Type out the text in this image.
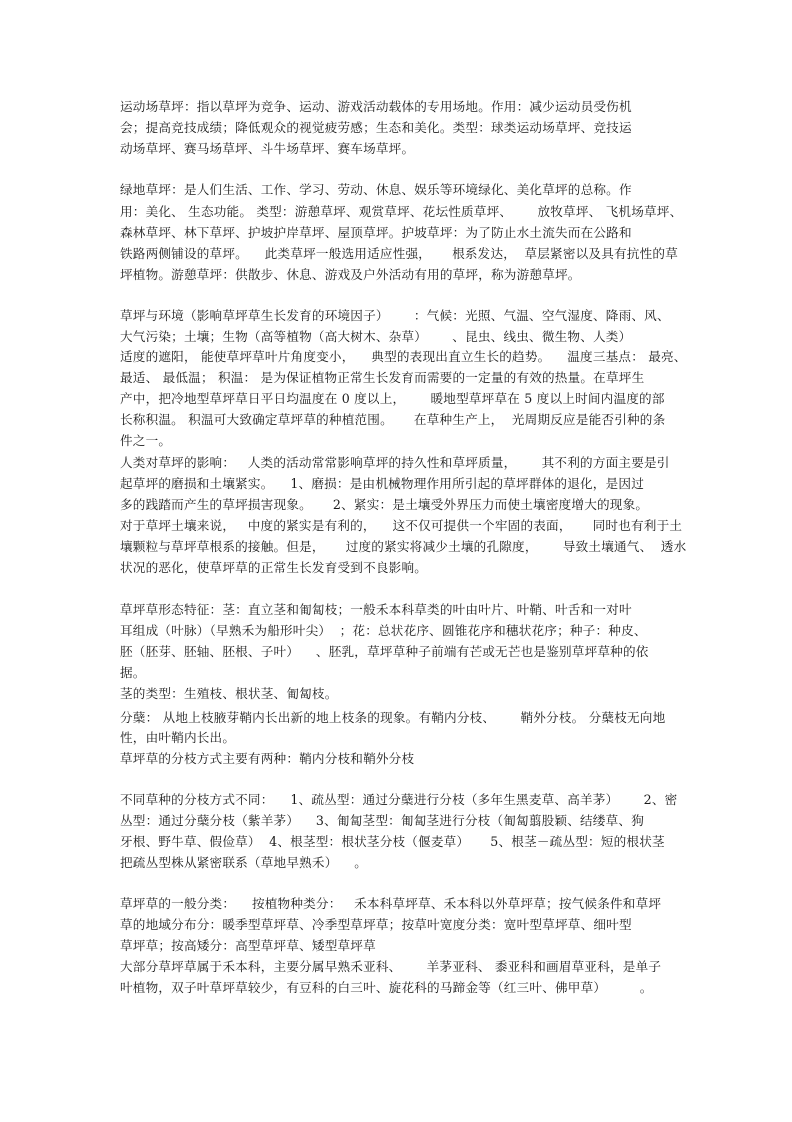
运动场草坪：指以草坪为竞争、运动、游戏活动载体的专用场地。作用：减少运动员受伤机
会；提高竞技成绩；降低观众的视觉疲劳感；生态和美化。类型：球类运动场草坪、竞技运
动场草坪、赛马场草坪、斗牛场草坪、赛车场草坪。
绿地草坪：是人们生活、工作、学习、劳动、休息、娱乐等环境绿化、美化草坪的总称。作
用：美化、 生态功能。 类型：游憩草坪、观赏草坪、花坛性质草坪、      放牧草坪、 飞机场草坪、
森林草坪、林下草坪、护坡护岸草坪、屋顶草坪。护坡草坪：为了防止水土流失而在公路和
铁路两侧铺设的草坪。    此类草坪一般选用适应性强，     根系发达，  草层紧密以及具有抗性的草
坪植物。游憩草坪：供散步、休息、游戏及户外活动有用的草坪，称为游憩草坪。
草坪与环境（影响草坪草生长发育的环境因子）      ：气候：光照、气温、空气湿度、降雨、风、
大气污染；土壤；生物（高等植物（高大树木、杂草）      、昆虫、线虫、微生物、人类）
适度的遮阳， 能使草坪草叶片角度变小，    典型的表现出直立生长的趋势。    温度三基点： 最亮、
最适、 最低温； 积温： 是为保证植物正常生长发育而需要的一定量的有效的热量。在草坪生
产中，把冷地型草坪草日平日均温度在 0 度以上，      暖地型草坪草在 5 度以上时间内温度的部
长称积温。 积温可大致确定草坪草的种植范围。     在草种生产上，  光周期反应是能否引种的条
件之一。
人类对草坪的影响：   人类的活动常常影响草坪的持久性和草坪质量，      其不利的方面主要是引
起草坪的磨损和土壤紧实。    1、磨损：是由机械物理作用所引起的草坪群体的退化，是因过
多的践踏而产生的草坪损害现象。     2、紧实：是土壤受外界压力而使土壤密度增大的现象。
对于草坪土壤来说，   中度的紧实是有利的，    这不仅可提供一个牢固的表面，     同时也有利于土
壤颗粒与草坪草根系的接触。但是，     过度的紧实将减少土壤的孔隙度，      导致土壤通气、  透水
状况的恶化，使草坪草的正常生长发育受到不良影响。
草坪草形态特征：茎：直立茎和匍匐枝；一般禾本科草类的叶由叶片、叶鞘、叶舌和一对叶
耳组成（叶脉）（早熟禾为船形叶尖）  ；花：总状花序、圆锥花序和穗状花序；种子：种皮、
胚（胚芽、胚轴、胚根、子叶）    、胚乳，草坪草种子前端有芒或无芒也是鉴别草坪草种的依
据。
茎的类型：生殖枝、根状茎、匍匐枝。
分蘖： 从地上枝腋芽鞘内长出新的地上枝条的现象。有鞘内分枝、      鞘外分枝。 分蘖枝无向地
性，由叶鞘内长出。
草坪草的分枝方式主要有两种：鞘内分枝和鞘外分枝
不同草种的分枝方式不同：    1、疏丛型：通过分蘖进行分枝（多年生黑麦草、高羊茅）      2、密
丛型：通过分蘖分枝（紫羊茅）    3、匍匐茎型：匍匐茎进行分枝（匍匐翦股颖、结缕草、狗
牙根、野牛草、假俭草）  4、根茎型：根状茎分枝（偃麦草）     5、根茎－疏丛型：短的根状茎
把疏丛型株从紧密联系（草地早熟禾）    。
草坪草的一般分类：    按植物种类分：   禾本科草坪草、禾本科以外草坪草；按气候条件和草坪
草的地域分布分：暖季型草坪草、冷季型草坪草；按草叶宽度分类：宽叶型草坪草、细叶型
草坪草；按高矮分：高型草坪草、矮型草坪草
大部分草坪草属于禾本科，主要分属早熟禾亚科、      羊茅亚科、 黍亚科和画眉草亚科，是单子
叶植物，双子叶草坪草较少，有豆科的白三叶、旋花科的马蹄金等（红三叶、佛甲草）        。
